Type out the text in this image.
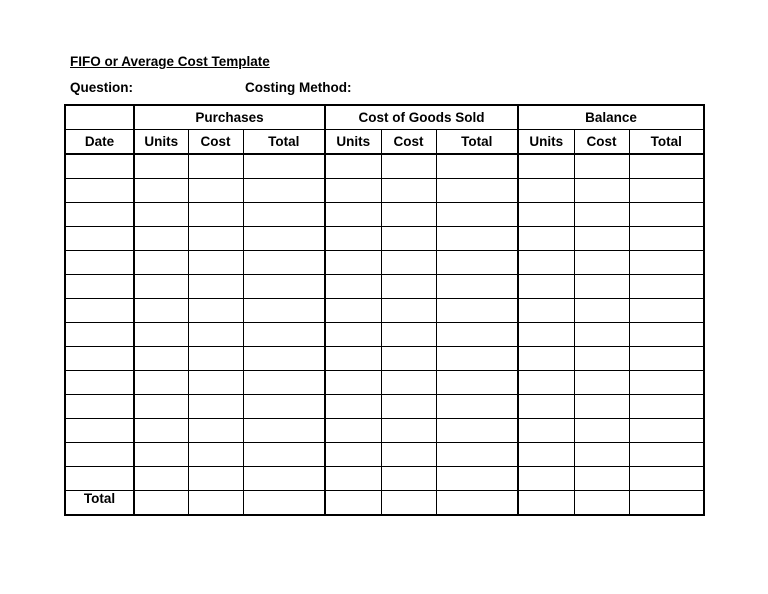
FIFO or Average Cost Template
Question:	Costing Method:
	Purchases			Cost of Goods Sold			Balance		
Date	Units	Cost	Total	Units	Cost	Total	Units	Cost	Total

Total									
